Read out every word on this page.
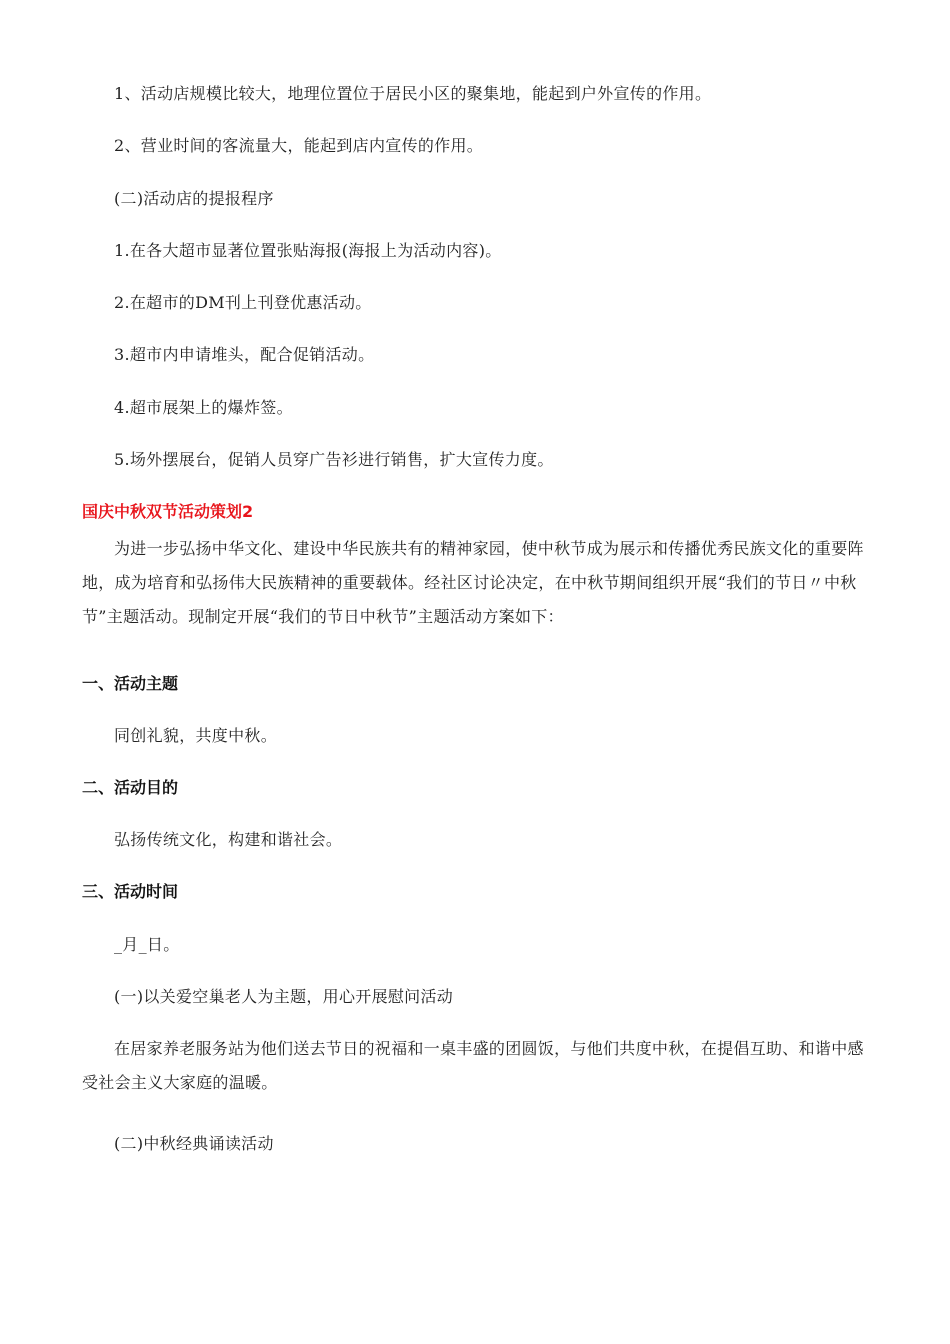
1、活动店规模比较大，地理位置位于居民小区的聚集地，能起到户外宣传的作用。
2、营业时间的客流量大，能起到店内宣传的作用。
(二)活动店的提报程序
1.在各大超市显著位置张贴海报(海报上为活动内容)。
2.在超市的DM刊上刊登优惠活动。
3.超市内申请堆头，配合促销活动。
4.超市展架上的爆炸签。
5.场外摆展台，促销人员穿广告衫进行销售，扩大宣传力度。
国庆中秋双节活动策划2
为进一步弘扬中华文化、建设中华民族共有的精神家园，使中秋节成为展示和传播优秀民族文化的重要阵地，成为培育和弘扬伟大民族精神的重要载体。经社区讨论决定，在中秋节期间组织开展“我们的节日〃中秋节”主题活动。现制定开展“我们的节日中秋节”主题活动方案如下：
一、活动主题
同创礼貌，共度中秋。
二、活动目的
弘扬传统文化，构建和谐社会。
三、活动时间
_月_日。
(一)以关爱空巢老人为主题，用心开展慰问活动
在居家养老服务站为他们送去节日的祝福和一桌丰盛的团圆饭，与他们共度中秋，在提倡互助、和谐中感受社会主义大家庭的温暖。
(二)中秋经典诵读活动
